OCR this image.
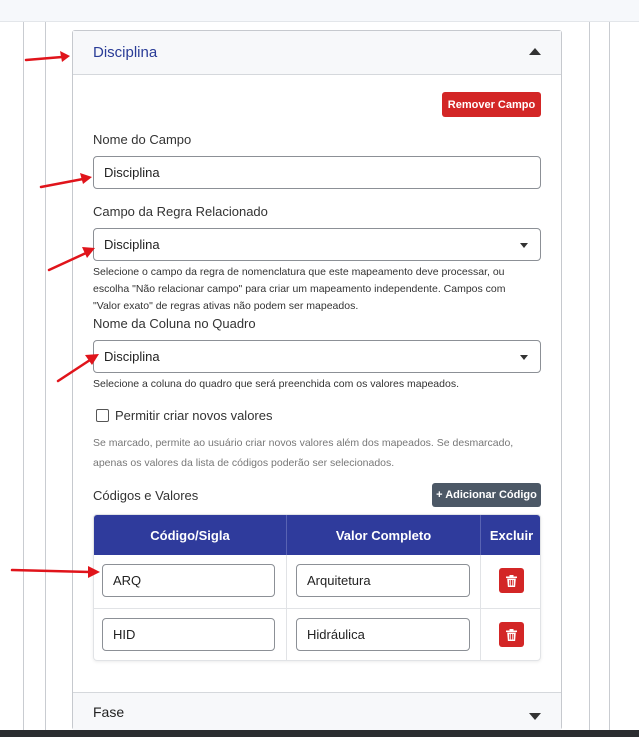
Disciplina
Fase
Remover Campo
Nome do Campo
Disciplina
Campo da Regra Relacionado
Disciplina
Selecione o campo da regra de nomenclatura que este mapeamento deve processar, ou escolha "Não relacionar campo" para criar um mapeamento independente. Campos com "Valor exato" de regras ativas não podem ser mapeados.
Nome da Coluna no Quadro
Disciplina
Selecione a coluna do quadro que será preenchida com os valores mapeados.
Permitir criar novos valores
Se marcado, permite ao usuário criar novos valores além dos mapeados. Se desmarcado, apenas os valores da lista de códigos poderão ser selecionados.
Códigos e Valores	+ Adicionar Código
Código/Sigla	Valor Completo	Excluir
ARQ	Arquitetura
HID	Hidráulica
